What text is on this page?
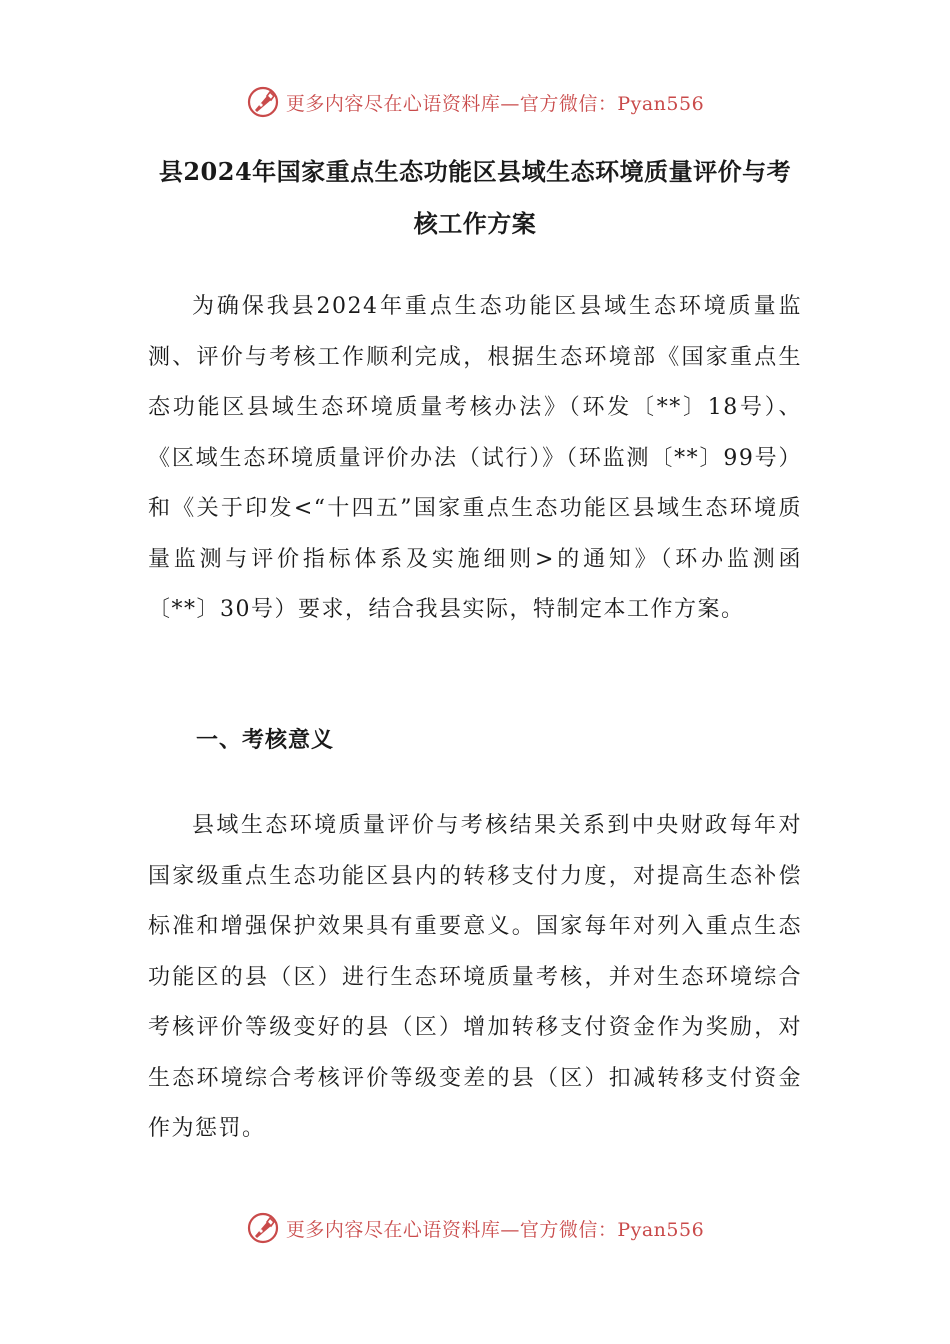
更多内容尽在心语资料库—官方微信：Pyan556
县2024年国家重点生态功能区县域生态环境质量评价与考核工作方案

为确保我县2024年重点生态功能区县域生态环境质量监测、评价与考核工作顺利完成，根据生态环境部《国家重点生态功能区县域生态环境质量考核办法》（环发〔**〕18号）、《区域生态环境质量评价办法（试行）》（环监测〔**〕99号）和《关于印发<“十四五”国家重点生态功能区县域生态环境质量监测与评价指标体系及实施细则>的通知》（环办监测函〔**〕30号）要求，结合我县实际，特制定本工作方案。

一、考核意义

县域生态环境质量评价与考核结果关系到中央财政每年对国家级重点生态功能区县内的转移支付力度，对提高生态补偿标准和增强保护效果具有重要意义。国家每年对列入重点生态功能区的县（区）进行生态环境质量考核，并对生态环境综合考核评价等级变好的县（区）增加转移支付资金作为奖励，对生态环境综合考核评价等级变差的县（区）扣减转移支付资金作为惩罚。

更多内容尽在心语资料库—官方微信：Pyan556
